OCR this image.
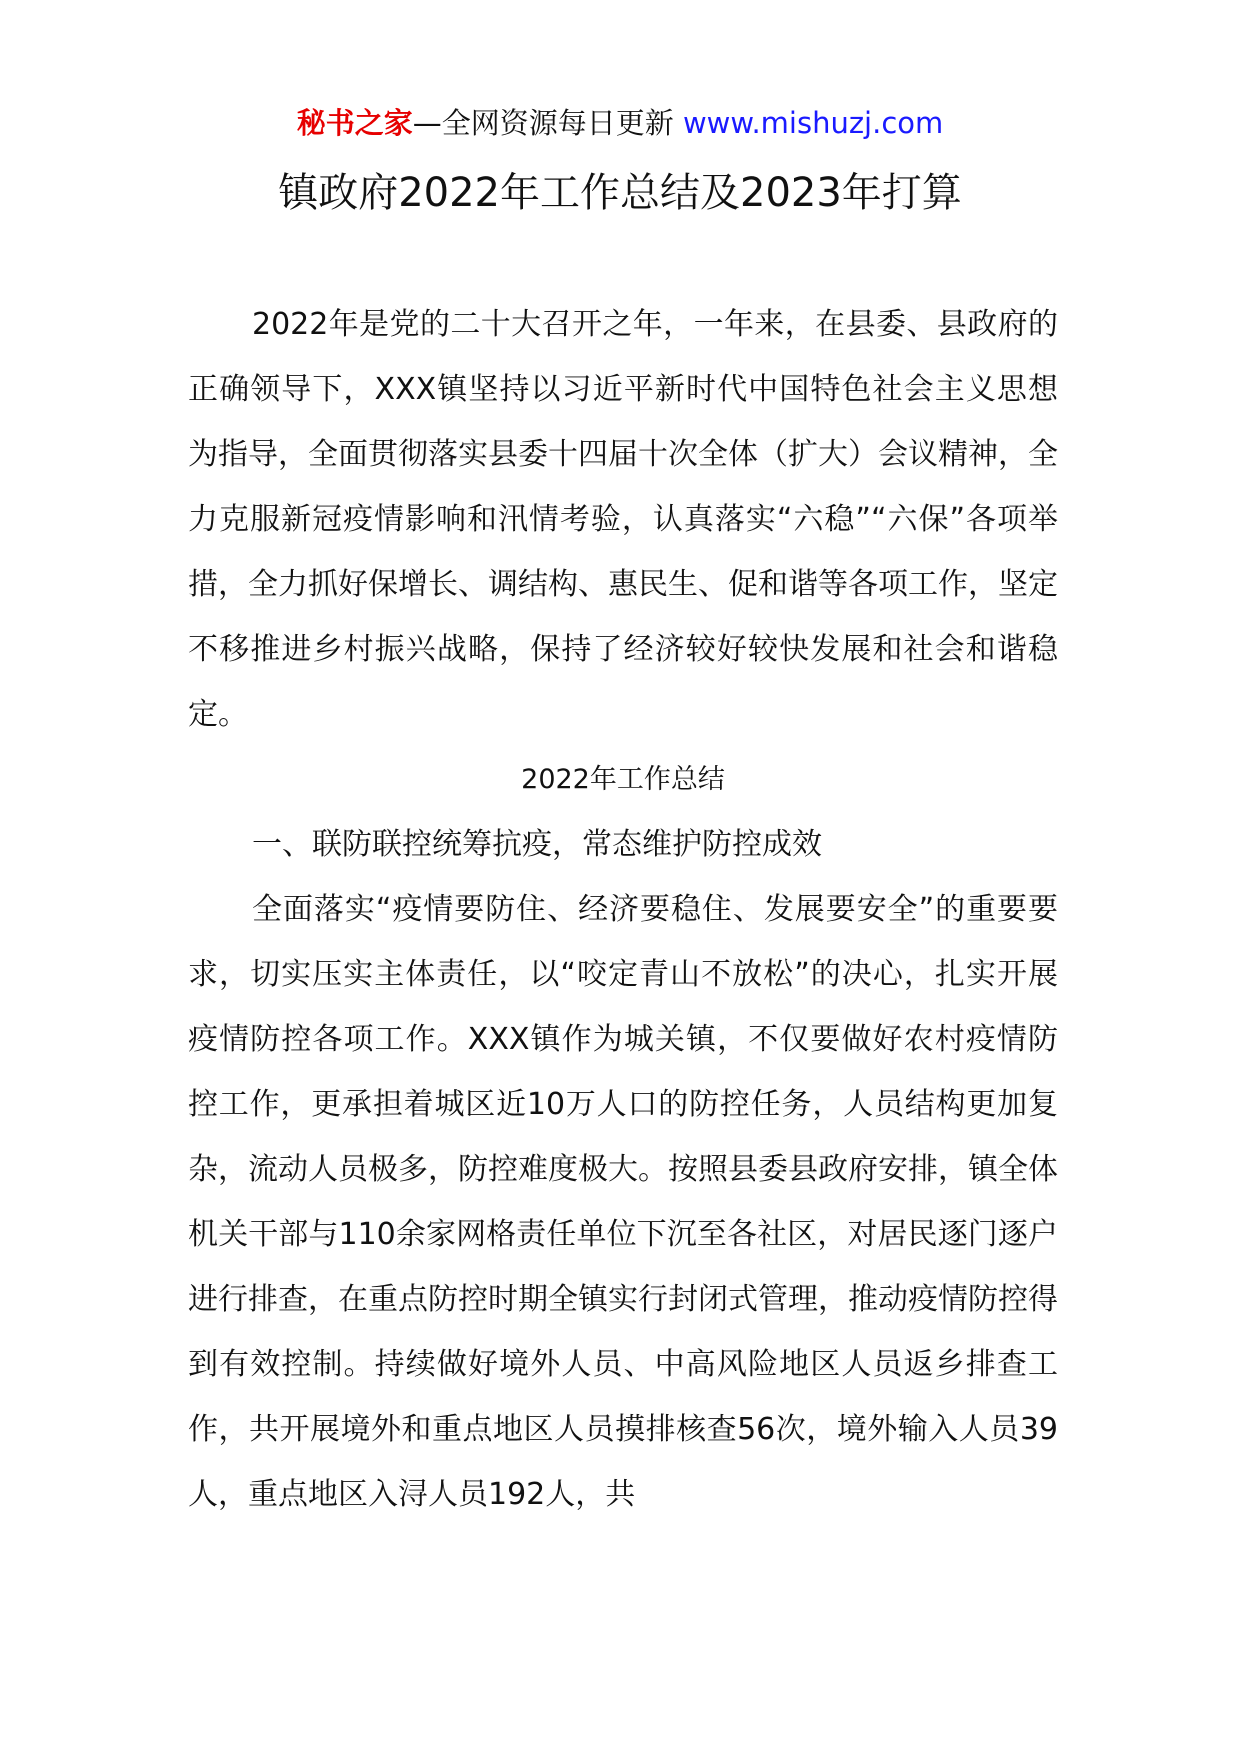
秘书之家—全网资源每日更新 www.mishuzj.com
镇政府2022年工作总结及2023年打算

2022年是党的二十大召开之年，一年来，在县委、县政府的正确领导下，XXX镇坚持以习近平新时代中国特色社会主义思想为指导，全面贯彻落实县委十四届十次全体（扩大）会议精神，全力克服新冠疫情影响和汛情考验，认真落实“六稳”“六保”各项举措，全力抓好保增长、调结构、惠民生、促和谐等各项工作，坚定不移推进乡村振兴战略，保持了经济较好较快发展和社会和谐稳定。

2022年工作总结

一、联防联控统筹抗疫，常态维护防控成效

全面落实“疫情要防住、经济要稳住、发展要安全”的重要要求，切实压实主体责任，以“咬定青山不放松”的决心，扎实开展疫情防控各项工作。XXX镇作为城关镇，不仅要做好农村疫情防控工作，更承担着城区近10万人口的防控任务，人员结构更加复杂，流动人员极多，防控难度极大。按照县委县政府安排，镇全体机关干部与110余家网格责任单位下沉至各社区，对居民逐门逐户进行排查，在重点防控时期全镇实行封闭式管理，推动疫情防控得到有效控制。持续做好境外人员、中高风险地区人员返乡排查工作，共开展境外和重点地区人员摸排核查56次，境外输入人员39人，重点地区入浔人员192人，共
